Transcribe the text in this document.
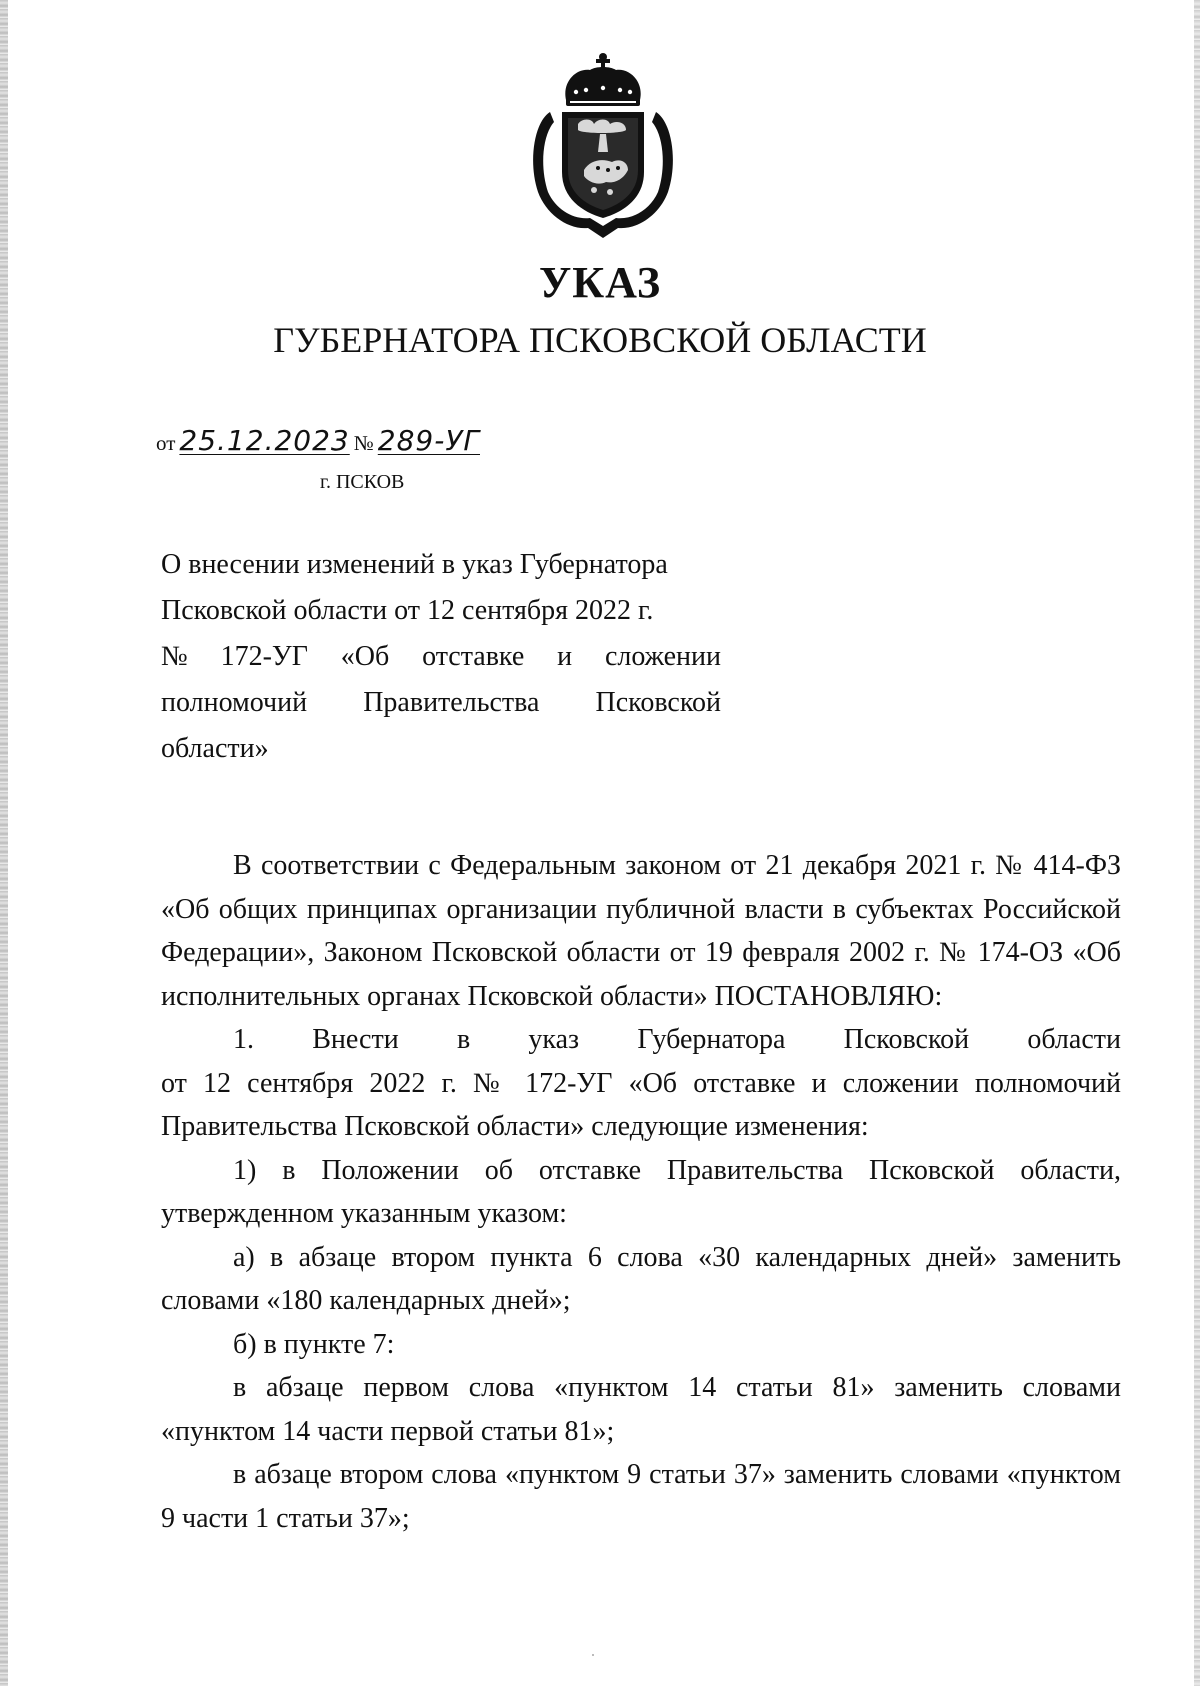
УКАЗ
ГУБЕРНАТОРА ПСКОВСКОЙ ОБЛАСТИ
от 25.12.2023 № 289-УГ
г. ПСКОВ
О внесении изменений в указ Губернатора
Псковской области от 12 сентября 2022 г.
№ 172-УГ «Об отставке и сложении
полномочий Правительства Псковской
области»

В соответствии с Федеральным законом от 21 декабря 2021 г. № 414-ФЗ «Об общих принципах организации публичной власти в субъектах Российской Федерации», Законом Псковской области от 19 февраля 2002 г. № 174-ОЗ «Об исполнительных органах Псковской области» ПОСТАНОВЛЯЮ:

1. Внести в указ Губернатора Псковской области

от 12 сентября 2022 г. № 172-УГ «Об отставке и сложении полномочий Правительства Псковской области» следующие изменения:

1) в Положении об отставке Правительства Псковской области, утвержденном указанным указом:

а) в абзаце втором пункта 6 слова «30 календарных дней» заменить словами «180 календарных дней»;

б) в пункте 7:

в абзаце первом слова «пунктом 14 статьи 81» заменить словами «пунктом 14 части первой статьи 81»;

в абзаце втором слова «пунктом 9 статьи 37» заменить словами «пунктом 9 части 1 статьи 37»;
